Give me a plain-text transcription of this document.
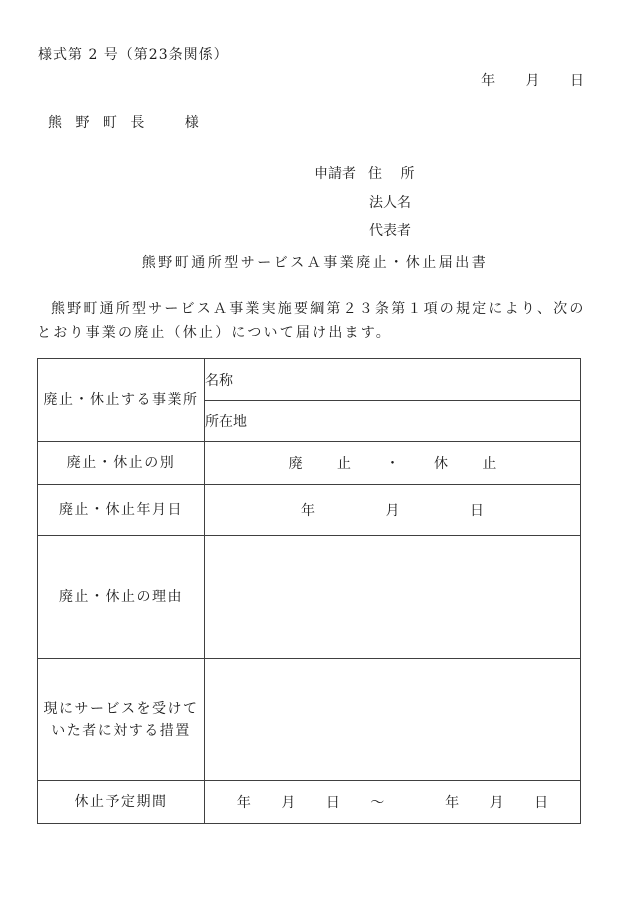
様式第 2 号（第23条関係）
年 月 日
熊 野 町 長   様
申請者 住 所
法人名
代表者
熊野町通所型サービスＡ事業廃止・休止届出書
熊野町通所型サービスＡ事業実施要綱第２３条第１項の規定により、次のとおり事業の廃止（休止）について届け出ます。
廃止・休止する事業所	名称
	所在地
廃止・休止の別	廃 止 ・ 休 止
廃止・休止年月日	年 月 日
廃止・休止の理由	
現にサービスを受けて
いた者に対する措置	
休止予定期間	年 月 日 ～  年 月 日
